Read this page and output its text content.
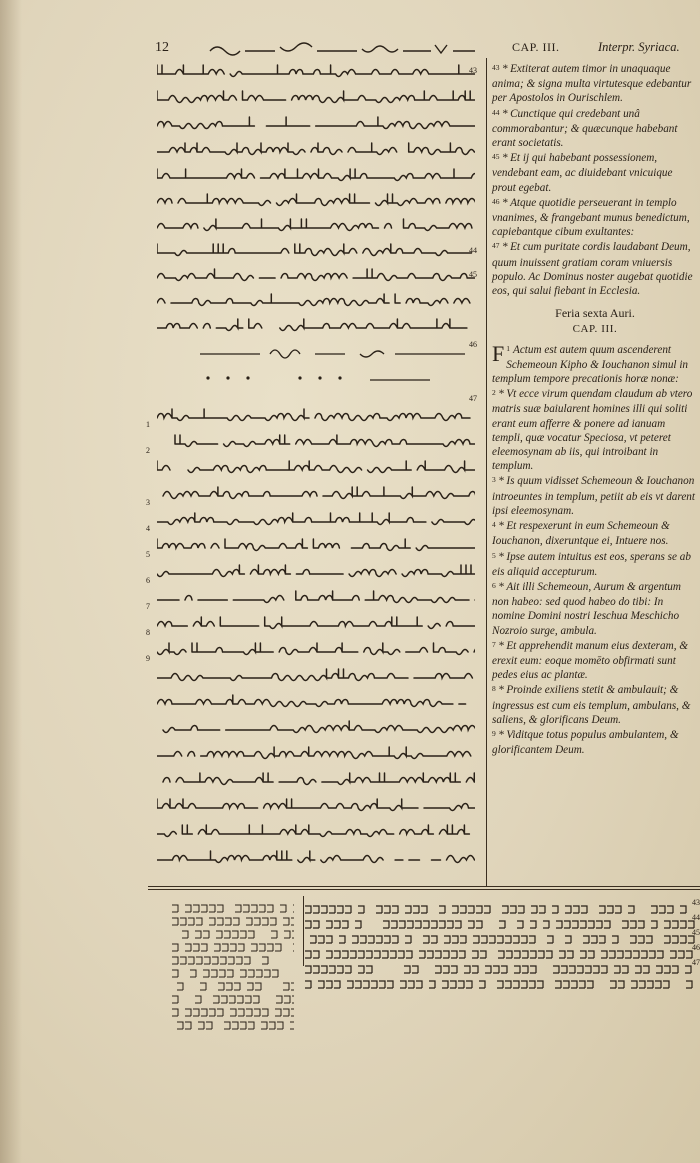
12	CAP. III.	Interpr. Syriaca.
43
44
45
46
47
1
2
3
4
5
6
7
8
9

43 * Extiterat autem timor in unaquaque anima; & signa multa virtutesque edebantur per Apostolos in Ourischlem.

44 * Cunctique qui credebant unâ commorabantur; & quæcunque habebant erant societatis.

45 * Et ij qui habebant possessionem, vendebant eam, ac diuidebant vnicuique prout egebat.

46 * Atque quotidie perseuerant in templo vnanimes, & frangebant munus benedictum, capiebantque cibum exultantes:

47 * Et cum puritate cordis laudabant Deum, quum inuissent gratiam coram vniuersis populo. Ac Dominus noster augebat quotidie eos, qui salui fiebant in Ecclesia.

Feria sexta Auri.
CAP. III.

1
F Actum est autem quum ascenderent Schemeoun Kipho & Iouchanon simul in templum tempore precationis horæ nonæ:

2 * Vt ecce virum quendam claudum ab vtero matris suæ baiularent homines illi qui soliti erant eum afferre & ponere ad ianuam templi, quæ vocatur Speciosa, vt peteret eleemosynam ab iis, qui introibant in templum.

3 * Is quum vidisset Schemeoun & Iouchanon introeuntes in templum, petiit ab eis vt darent ipsi eleemosynam.

4 * Et respexerunt in eum Schemeoun & Iouchanon, dixeruntque ei, Intuere nos.

5 * Ipse autem intuitus est eos, sperans se ab eis aliquid accepturum.

6 * Ait illi Schemeoun, Aurum & argentum non habeo: sed quod habeo do tibi: In nomine Domini nostri Ieschua Meschicho Nozroio surge, ambula.

7 * Et apprehendit manum eius dexteram, & erexit eum: eoque momēto obfirmati sunt pedes eius ac plantæ.

8 * Proinde exiliens stetit & ambulauit; & ingressus est cum eis templum, ambulans, & saliens, & glorificans Deum.

9 * Viditque totus populus ambulantem, & glorificantem Deum.

43
44
45
46
47
